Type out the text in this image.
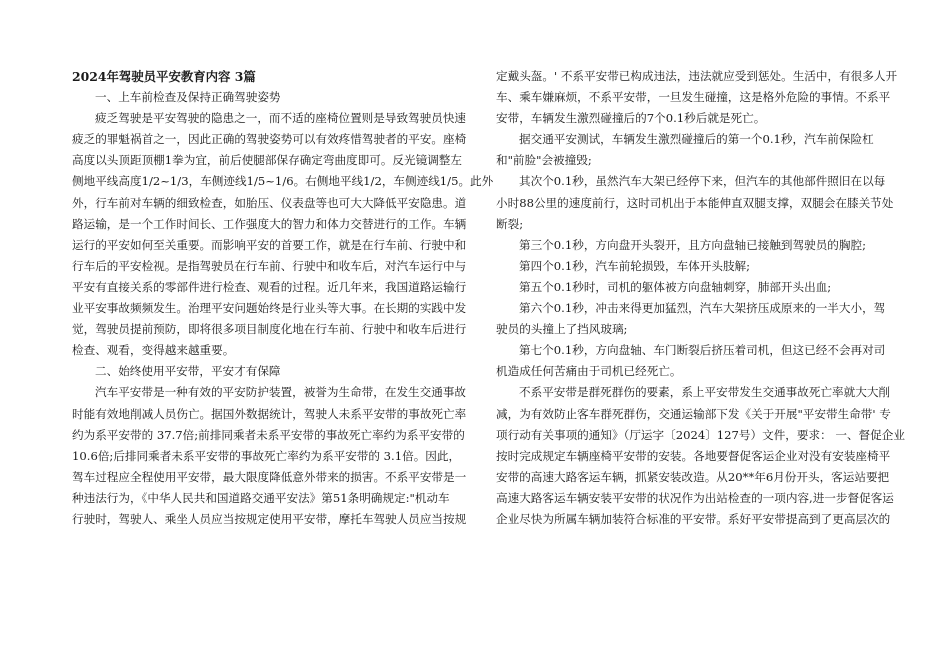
2024年驾驶员平安教育内容 3篇
一、上车前检查及保持正确驾驶姿势
疲乏驾驶是平安驾驶的隐患之一，而不适的座椅位置则是导致驾驶员快速
疲乏的罪魁祸首之一，因此正确的驾驶姿势可以有效疼惜驾驶者的平安。座椅
高度以头顶距顶棚1拳为宜，前后使腿部保存确定弯曲度即可。反光镜调整左
侧地平线高度1/2~1/3，车侧迹线1/5~1/6。右侧地平线1/2，车侧迹线1/5。此外
外，行车前对车辆的细致检查，如胎压、仪表盘等也可大大降低平安隐患。道
路运输，是一个工作时间长、工作强度大的智力和体力交替进行的工作。车辆
运行的平安如何至关重要。而影响平安的首要工作，就是在行车前、行驶中和
行车后的平安检视。是指驾驶员在行车前、行驶中和收车后，对汽车运行中与
平安有直接关系的零部件进行检查、观看的过程。近几年来，我国道路运输行
业平安事故频频发生。治理平安问题始终是行业头等大事。在长期的实践中发
觉，驾驶员提前预防，即将很多项目制度化地在行车前、行驶中和收车后进行
检查、观看，变得越来越重要。
二、始终使用平安带，平安才有保障
汽车平安带是一种有效的平安防护装置，被誉为生命带，在发生交通事故
时能有效地削减人员伤亡。据国外数据统计，驾驶人未系平安带的事故死亡率
约为系平安带的 37.7倍;前排同乘者未系平安带的事故死亡率约为系平安带的
10.6倍;后排同乘者未系平安带的事故死亡率约为系平安带的 3.1倍。因此，
驾车过程应全程使用平安带，最大限度降低意外带来的损害。不系平安带是一
种违法行为，《中华人民共和国道路交通平安法》第51条明确规定:"机动车
行驶时，驾驶人、乘坐人员应当按规定使用平安带，摩托车驾驶人员应当按规
定戴头盔。' 不系平安带已构成违法，违法就应受到惩处。生活中，有很多人开
车、乘车嫌麻烦，不系平安带，一旦发生碰撞，这是格外危险的事情。不系平
安带，车辆发生激烈碰撞后的7个0.1秒后就是死亡。
据交通平安测试，车辆发生激烈碰撞后的第一个0.1秒，汽车前保险杠
和"前脸"会被撞毁;
其次个0.1秒，虽然汽车大架已经停下来，但汽车的其他部件照旧在以每
小时88公里的速度前行，这时司机出于本能伸直双腿支撑，双腿会在膝关节处
断裂;
第三个0.1秒，方向盘开头裂开，且方向盘轴已接触到驾驶员的胸腔;
第四个0.1秒，汽车前轮损毁，车体开头肢解;
第五个0.1秒时，司机的躯体被方向盘轴刺穿，肺部开头出血;
第六个0.1秒，冲击来得更加猛烈，汽车大架挤压成原来的一半大小，驾
驶员的头撞上了挡风玻璃;
第七个0.1秒，方向盘轴、车门断裂后挤压着司机，但这已经不会再对司
机造成任何苦痛由于司机已经死亡。
不系平安带是群死群伤的要素，系上平安带发生交通事故死亡率就大大削
减，为有效防止客车群死群伤，交通运输部下发《关于开展"平安带生命带' 专
项行动有关事项的通知》（厅运字〔2024〕127号）文件，要求： 一、督促企业
按时完成规定车辆座椅平安带的安装。各地要督促客运企业对没有安装座椅平
安带的高速大路客运车辆，抓紧安装改造。从20**年6月份开头，客运站要把
高速大路客运车辆安装平安带的状况作为出站检查的一项内容,进一步督促客运
企业尽快为所属车辆加装符合标准的平安带。系好平安带提高到了更高层次的
